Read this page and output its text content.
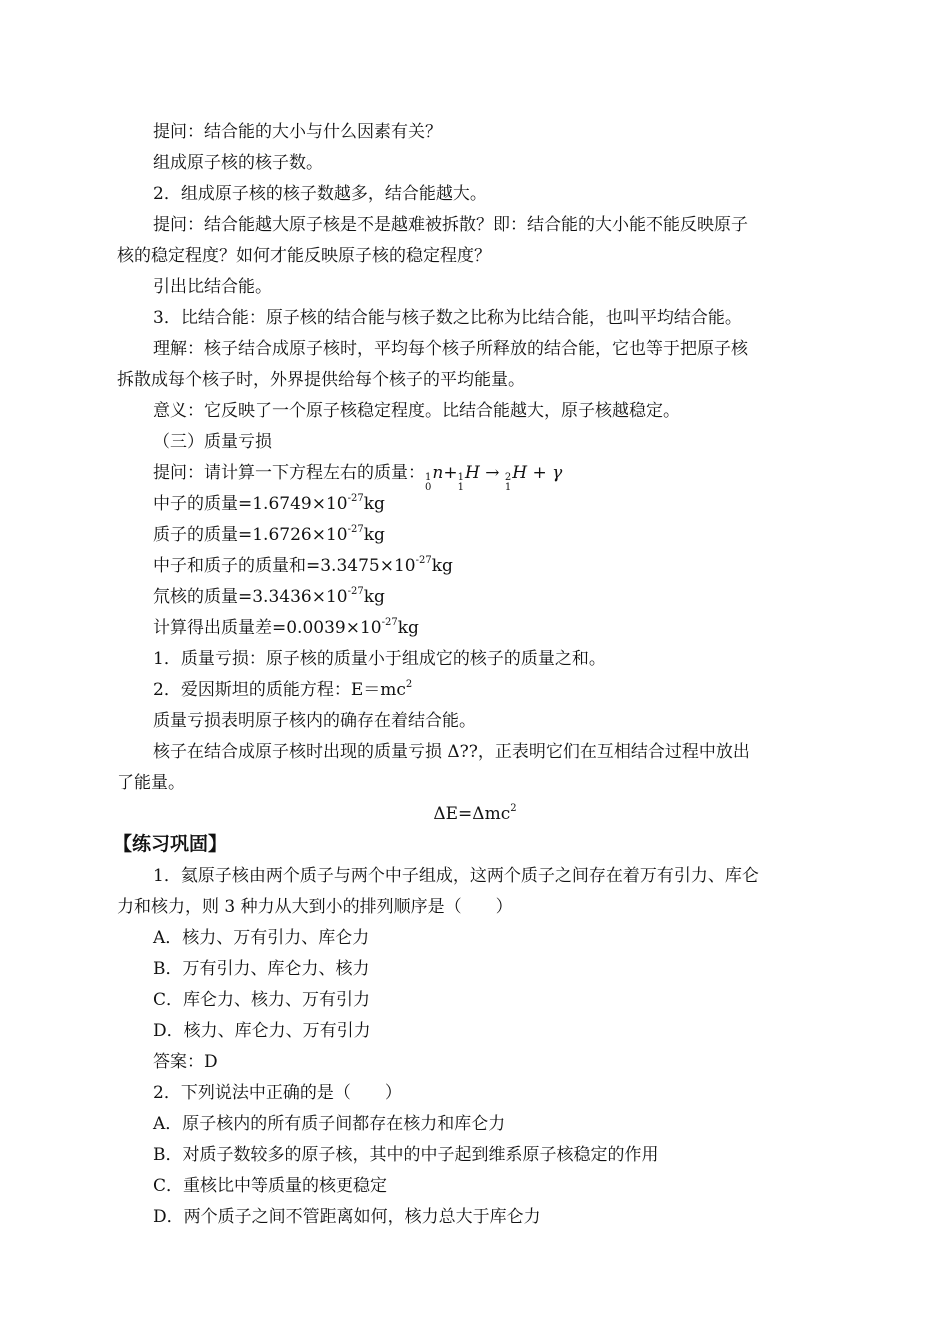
提问：结合能的大小与什么因素有关？
组成原子核的核子数。
2．组成原子核的核子数越多，结合能越大。
提问：结合能越大原子核是不是越难被拆散？即：结合能的大小能不能反映原子
核的稳定程度？如何才能反映原子核的稳定程度？
引出比结合能。
3．比结合能：原子核的结合能与核子数之比称为比结合能，也叫平均结合能。
理解：核子结合成原子核时，平均每个核子所释放的结合能，它也等于把原子核
拆散成每个核子时，外界提供给每个核子的平均能量。
意义：它反映了一个原子核稳定程度。比结合能越大，原子核越稳定。
（三）质量亏损
提问：请计算一下方程左右的质量： 1
0
n+ 1
1
H → 2
1
H + γ
中子的质量$=1.6749\times 10^{-27}kg$
质子的质量$=1.6726\times 10^{-27}kg$
中子和质子的质量和$=3.3475\times 10^{-27}kg$
氘核的质量$=3.3436\times 10^{-27}kg$
计算得出质量差$=0.0039\times 10^{-27}kg$
1．质量亏损：原子核的质量小于组成它的核子的质量之和。
2．爱因斯坦的质能方程：$E=mc^2$
质量亏损表明原子核内的确存在着结合能。
核子在结合成原子核时出现的质量亏损 Δ??，正表明它们在互相结合过程中放出
了能量。
ΔE=Δmc$^2$
【练习巩固】
1．氦原子核由两个质子与两个中子组成，这两个质子之间存在着万有引力、库仑
力和核力，则 3 种力从大到小的排列顺序是（　　）
A．核力、万有引力、库仑力
B．万有引力、库仑力、核力
C．库仑力、核力、万有引力
D．核力、库仑力、万有引力
答案：D
2．下列说法中正确的是（　　）
A．原子核内的所有质子间都存在核力和库仑力
B．对质子数较多的原子核，其中的中子起到维系原子核稳定的作用
C．重核比中等质量的核更稳定
D．两个质子之间不管距离如何，核力总大于库仑力
